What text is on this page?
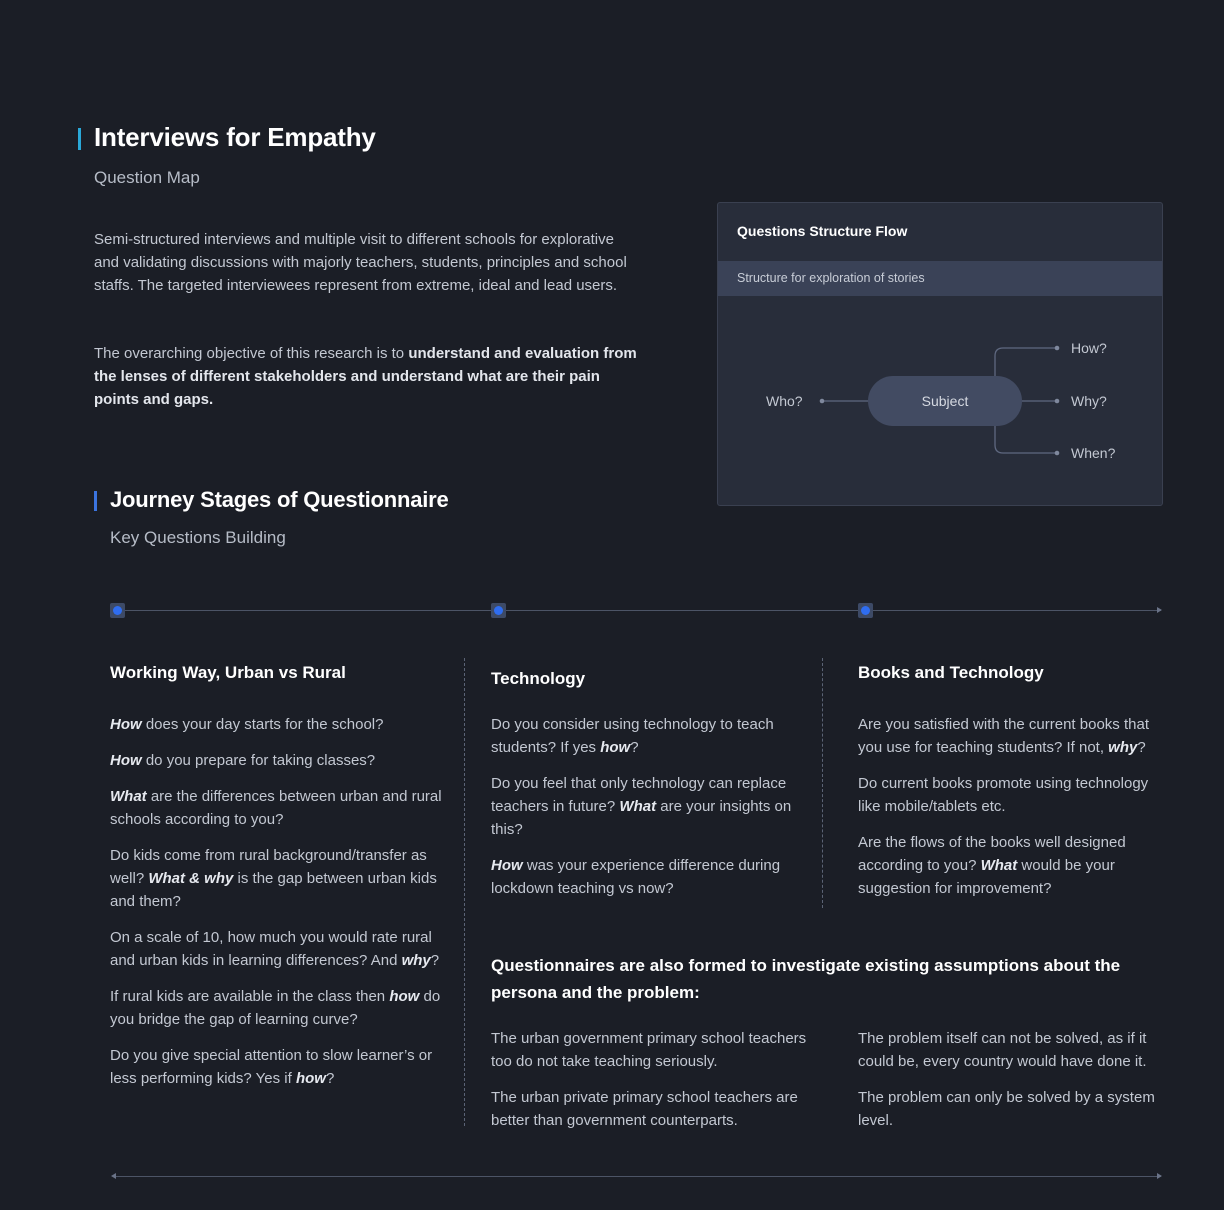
Interviews for Empathy
Question Map
Semi-structured interviews and multiple visit to different schools for explorative and validating discussions with majorly teachers, students, principles and school staffs. The targeted interviewees represent from extreme, ideal and lead users.
The overarching objective of this research is to understand and evaluation from the lenses of different stakeholders and understand what are their pain points and gaps.
Questions Structure Flow
Structure for exploration of stories
Who?	Subject
How?
Why?
When?
Journey Stages of Questionnaire
Key Questions Building
Working Way, Urban vs Rural

How does your day starts for the school?

How do you prepare for taking classes?

What are the differences between urban and rural schools according to you?

Do kids come from rural background/transfer as well? What & why is the gap between urban kids and them?

On a scale of 10, how much you would rate rural and urban kids in learning differences? And why?

If rural kids are available in the class then how do you bridge the gap of learning curve?

Do you give special attention to slow learner’s or less performing kids? Yes if how?

Technology

Do you consider using technology to teach students? If yes how?

Do you feel that only technology can replace teachers in future? What are your insights on this?

How was your experience difference during lockdown teaching vs now?

Books and Technology

Are you satisfied with the current books that you use for teaching students? If not, why?

Do current books promote using technology like mobile/tablets etc.

Are the flows of the books well designed according to you? What would be your suggestion for improvement?

Questionnaires are also formed to investigate existing assumptions about the persona and the problem:

The urban government primary school teachers too do not take teaching seriously.

The urban private primary school teachers are better than government counterparts.

The problem itself can not be solved, as if it could be, every country would have done it.

The problem can only be solved by a system level.
